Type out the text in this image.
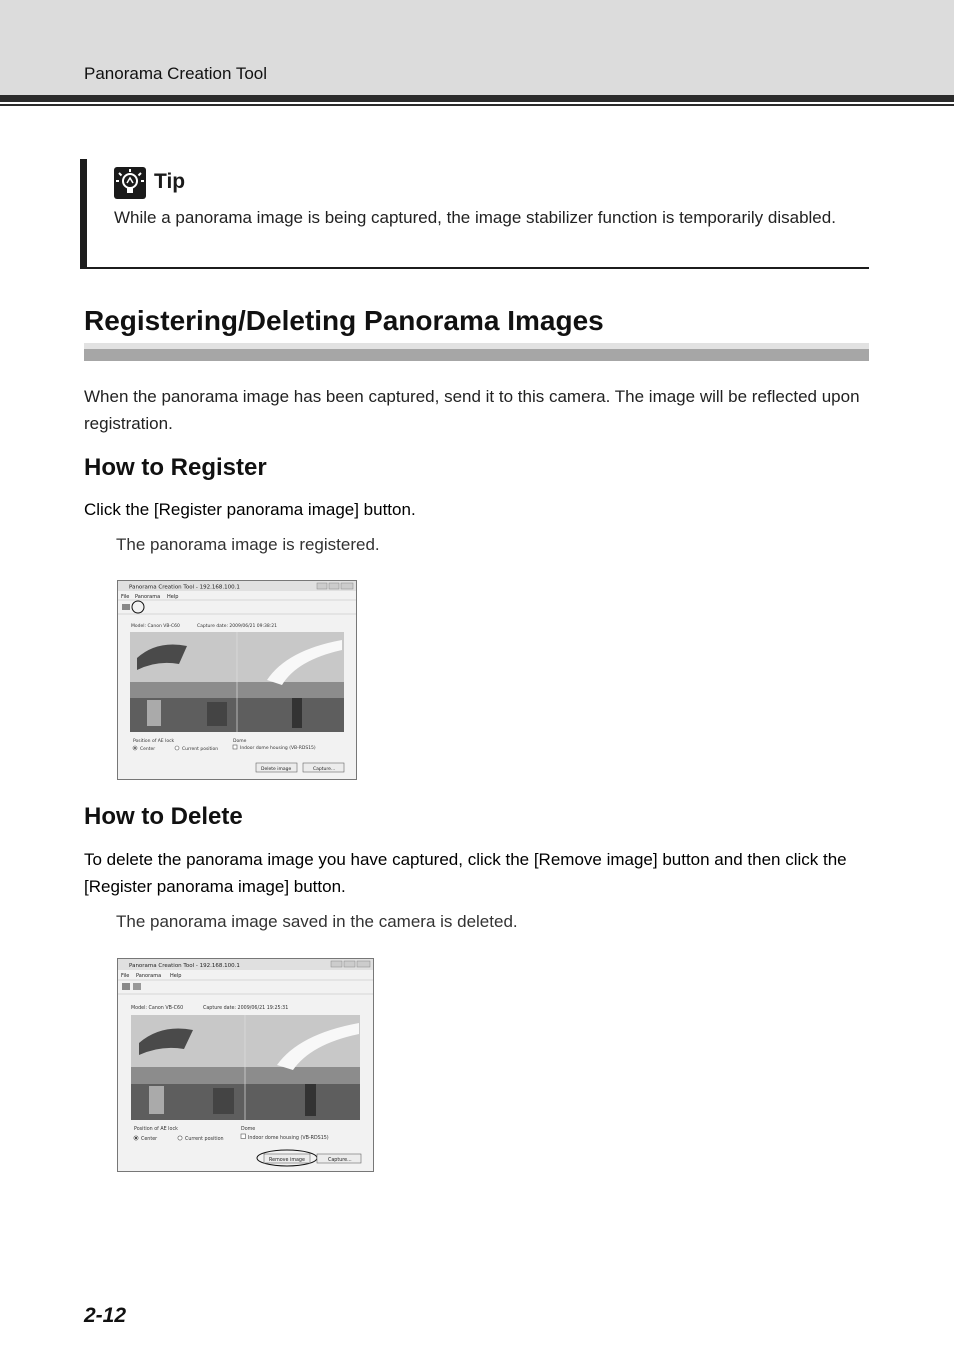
Panorama Creation Tool
Tip
While a panorama image is being captured, the image stabilizer function is temporarily disabled.
Registering/Deleting Panorama Images
When the panorama image has been captured, send it to this camera. The image will be reflected upon registration.
How to Register
Click the [Register panorama image] button.
The panorama image is registered.
Panorama Creation Tool - 192.168.100.1
File Panorama Help
Model: Canon VB-C60	Capture date: 2009/06/21 09:38:21
Position of AE lock
Center	Current position
Dome
Indoor dome housing (VB-RDS15)
Delete image	Capture...
How to Delete
To delete the panorama image you have captured, click the [Remove image] button and then click the [Register panorama image] button.
The panorama image saved in the camera is deleted.
Panorama Creation Tool - 192.168.100.1
File Panorama Help
Model: Canon VB-C60	Capture date: 2009/06/21 19:25:31
Position of AE lock
Center	Current position
Dome
Indoor dome housing (VB-RDS15)
Remove image	Capture...
2-12
